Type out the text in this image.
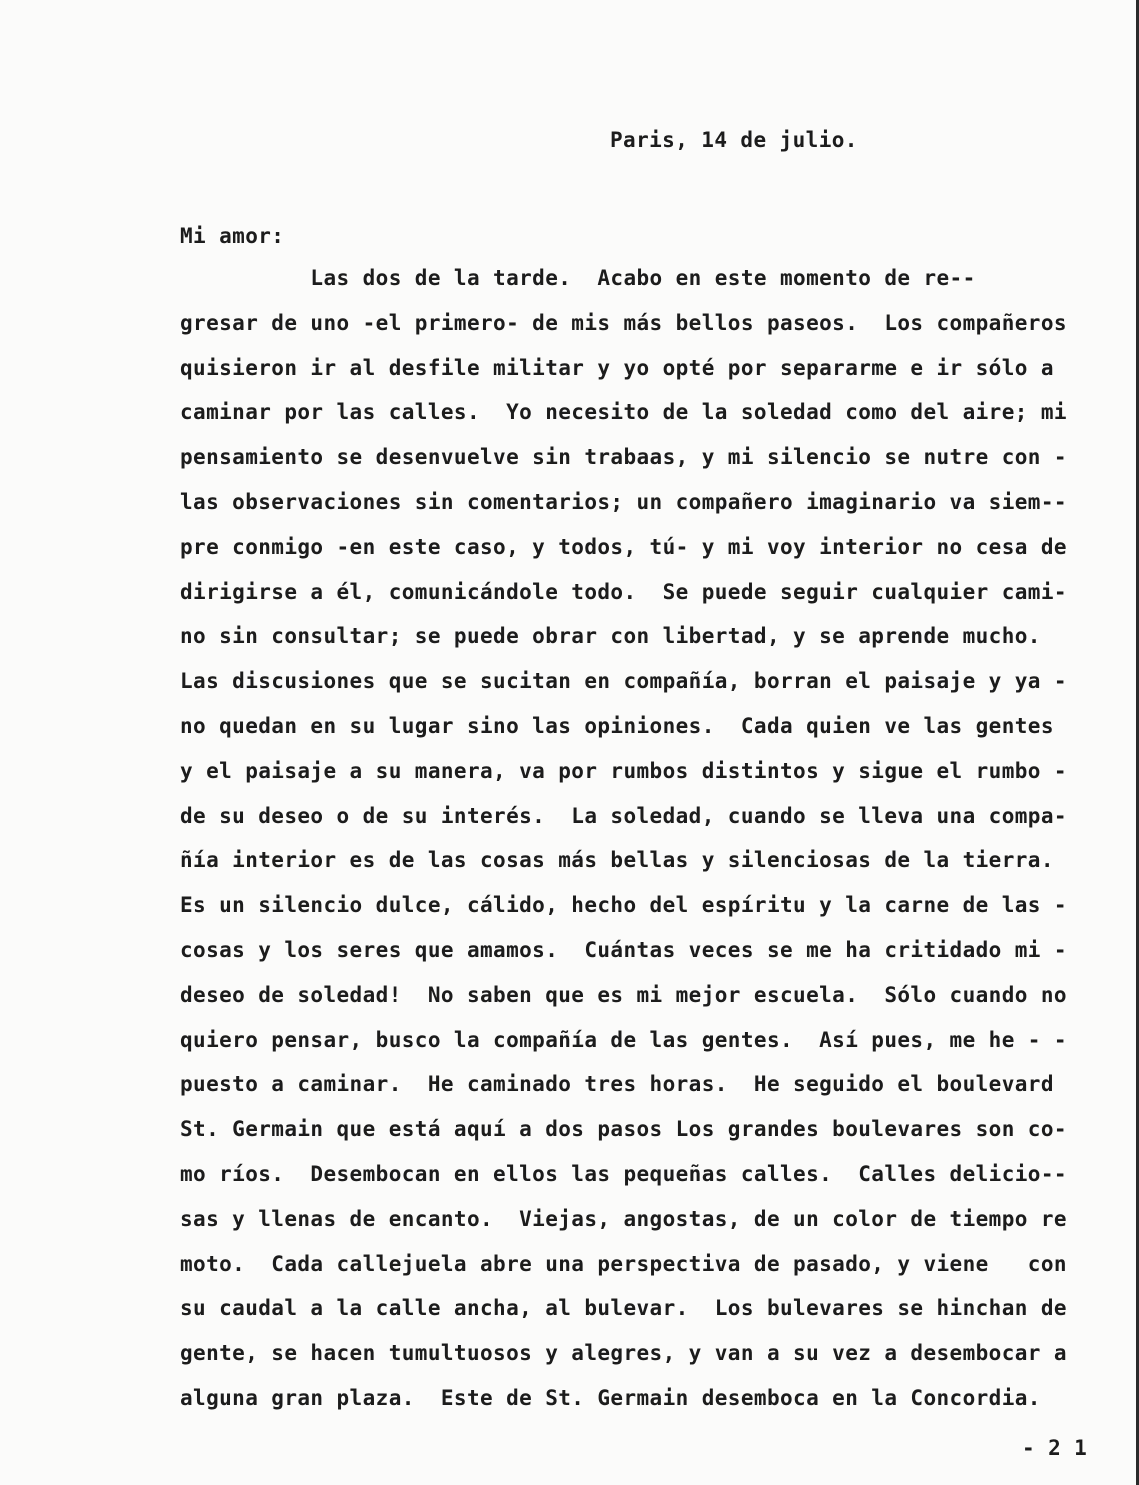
Paris, 14 de julio.
Mi amor:
Las dos de la tarde.  Acabo en este momento de re--
gresar de uno -el primero- de mis más bellos paseos.  Los compañeros
quisieron ir al desfile militar y yo opté por separarme e ir sólo a
caminar por las calles.  Yo necesito de la soledad como del aire; mi
pensamiento se desenvuelve sin trabaas, y mi silencio se nutre con -
las observaciones sin comentarios; un compañero imaginario va siem--
pre conmigo -en este caso, y todos, tú- y mi voy interior no cesa de
dirigirse a él, comunicándole todo.  Se puede seguir cualquier cami-
no sin consultar; se puede obrar con libertad, y se aprende mucho.
Las discusiones que se sucitan en compañía, borran el paisaje y ya -
no quedan en su lugar sino las opiniones.  Cada quien ve las gentes
y el paisaje a su manera, va por rumbos distintos y sigue el rumbo -
de su deseo o de su interés.  La soledad, cuando se lleva una compa-
ñía interior es de las cosas más bellas y silenciosas de la tierra.
Es un silencio dulce, cálido, hecho del espíritu y la carne de las -
cosas y los seres que amamos.  Cuántas veces se me ha critidado mi -
deseo de soledad!  No saben que es mi mejor escuela.  Sólo cuando no
quiero pensar, busco la compañía de las gentes.  Así pues, me he - -
puesto a caminar.  He caminado tres horas.  He seguido el boulevard
St. Germain que está aquí a dos pasos Los grandes boulevares son co-
mo ríos.  Desembocan en ellos las pequeñas calles.  Calles delicio--
sas y llenas de encanto.  Viejas, angostas, de un color de tiempo re
moto.  Cada callejuela abre una perspectiva de pasado, y viene   con
su caudal a la calle ancha, al bulevar.  Los bulevares se hinchan de
gente, se hacen tumultuosos y alegres, y van a su vez a desembocar a
alguna gran plaza.  Este de St. Germain desemboca en la Concordia.
- 2 1
